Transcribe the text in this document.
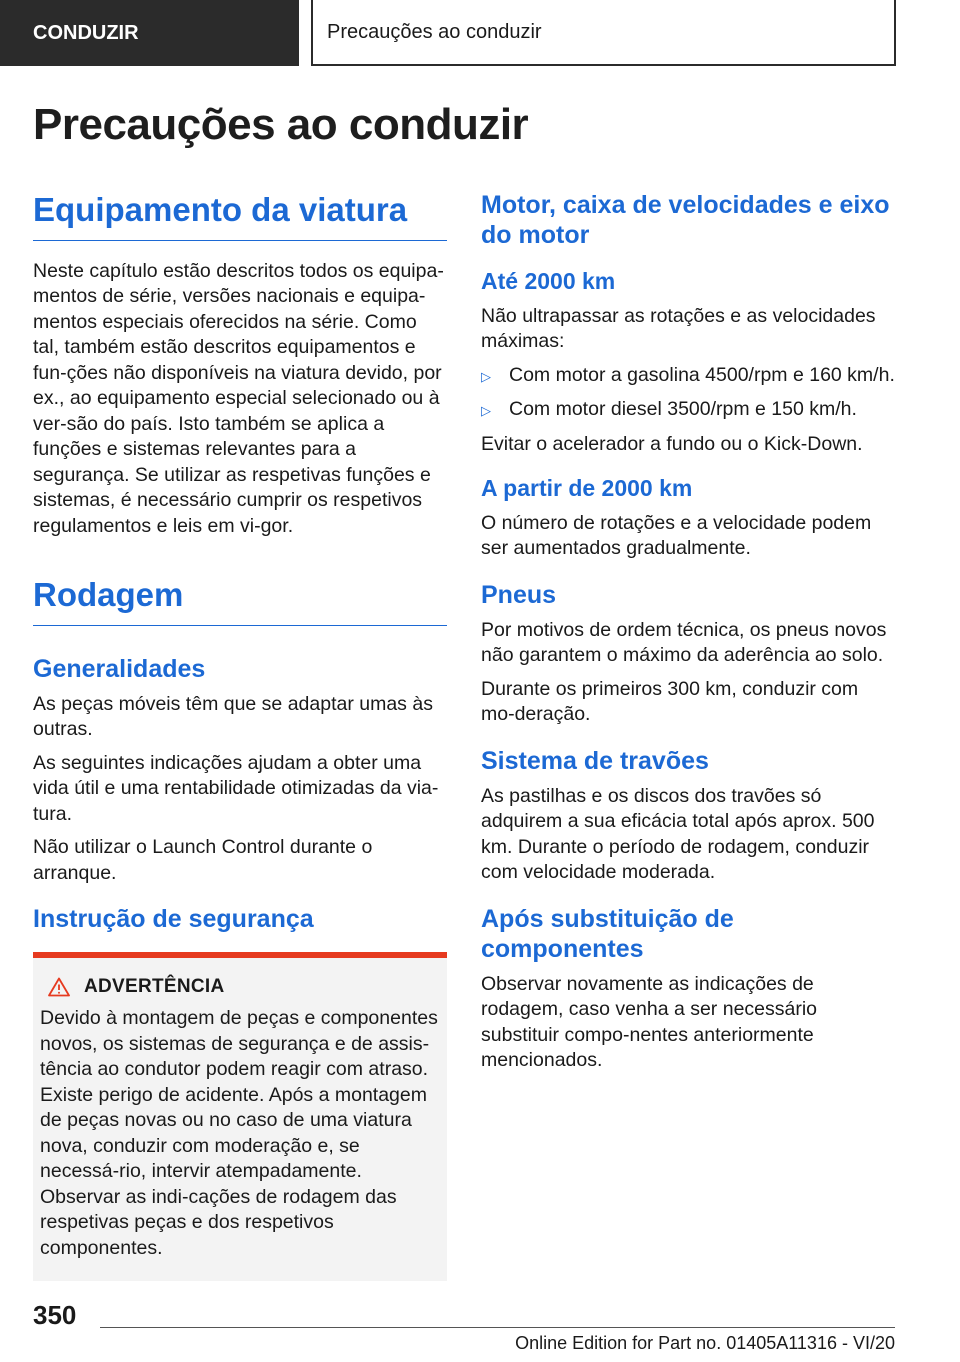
CONDUZIR	Precauções ao conduzir
Precauções ao conduzir
Equipamento da viatura

Neste capítulo estão descritos todos os equipa-mentos de série, versões nacionais e equipa-mentos especiais oferecidos na série. Como tal, também estão descritos equipamentos e fun-ções não disponíveis na viatura devido, por ex., ao equipamento especial selecionado ou à ver-são do país. Isto também se aplica a funções e sistemas relevantes para a segurança. Se utilizar as respetivas funções e sistemas, é necessário cumprir os respetivos regulamentos e leis em vi-gor.

Rodagem
Generalidades

As peças móveis têm que se adaptar umas às outras.

As seguintes indicações ajudam a obter uma vida útil e uma rentabilidade otimizadas da via-tura.

Não utilizar o Launch Control durante o arranque.

Instrução de segurança
ADVERTÊNCIA

Devido à montagem de peças e componentes novos, os sistemas de segurança e de assis-tência ao condutor podem reagir com atraso. Existe perigo de acidente. Após a montagem de peças novas ou no caso de uma viatura nova, conduzir com moderação e, se necessá-rio, intervir atempadamente. Observar as indi-cações de rodagem das respetivas peças e dos respetivos componentes.

Motor, caixa de velocidades e eixo do motor
Até 2000 km

Não ultrapassar as rotações e as velocidades máximas:

▷ Com motor a gasolina 4500/rpm e 160 km/h.
▷ Com motor diesel 3500/rpm e 150 km/h.

Evitar o acelerador a fundo ou o Kick-Down.

A partir de 2000 km

O número de rotações e a velocidade podem ser aumentados gradualmente.

Pneus

Por motivos de ordem técnica, os pneus novos não garantem o máximo da aderência ao solo.

Durante os primeiros 300 km, conduzir com mo-deração.

Sistema de travões

As pastilhas e os discos dos travões só adquirem a sua eficácia total após aprox. 500 km. Durante o período de rodagem, conduzir com velocidade moderada.

Após substituição de componentes

Observar novamente as indicações de rodagem, caso venha a ser necessário substituir compo-nentes anteriormente mencionados.

350
Online Edition for Part no. 01405A11316 - VI/20
